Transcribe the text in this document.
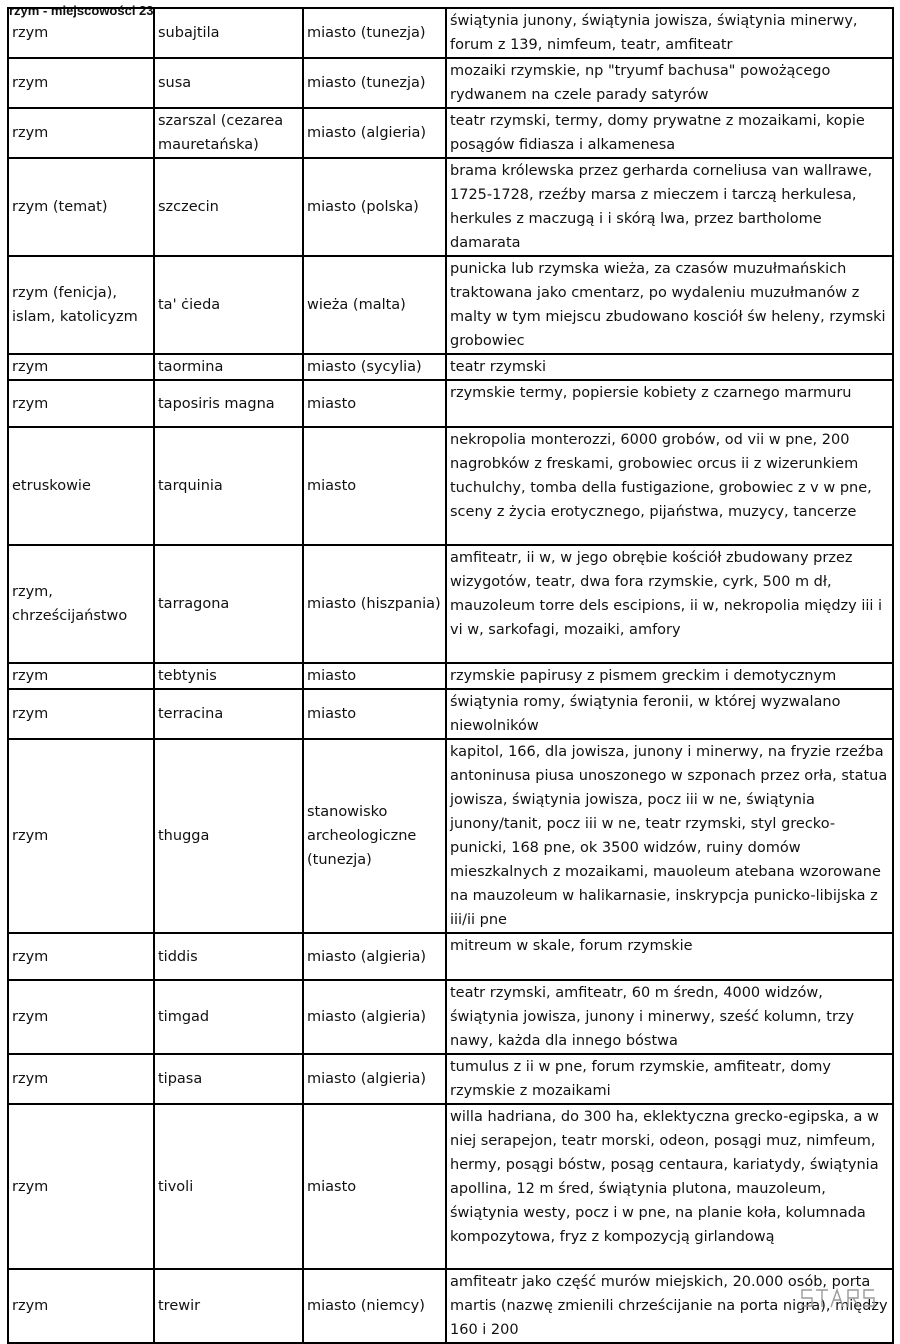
rzym - miejscowości 23
rzym	subajtila	miasto (tunezja)	świątynia junony, świątynia jowisza, świątynia minerwy, forum z 139, nimfeum, teatr, amfiteatr
rzym	susa	miasto (tunezja)	mozaiki rzymskie, np "tryumf bachusa" powożącego rydwanem na czele parady satyrów
rzym	szarszal (cezarea mauretańska)	miasto (algieria)	teatr rzymski, termy, domy prywatne z mozaikami, kopie posągów fidiasza i alkamenesa
rzym (temat)	szczecin	miasto (polska)	brama królewska przez gerharda corneliusa van wallrawe, 1725-1728, rzeźby marsa z mieczem i tarczą herkulesa, herkules z maczugą i i skórą lwa, przez bartholome damarata
rzym (fenicja), islam, katolicyzm	ta' ċieda	wieża (malta)	punicka lub rzymska wieża, za czasów muzułmańskich traktowana jako cmentarz, po wydaleniu muzułmanów z malty w tym miejscu zbudowano kosciół św heleny, rzymski grobowiec
rzym	taormina	miasto (sycylia)	teatr rzymski
rzym	taposiris magna	miasto	rzymskie termy, popiersie kobiety z czarnego marmuru
etruskowie	tarquinia	miasto	nekropolia monterozzi, 6000 grobów, od vii w pne, 200 nagrobków z freskami, grobowiec orcus ii z wizerunkiem tuchulchy, tomba della fustigazione, grobowiec z v w pne, sceny z życia erotycznego, pijaństwa, muzycy, tancerze
rzym, chrześcijaństwo	tarragona	miasto (hiszpania)	amfiteatr, ii w, w jego obrębie kościół zbudowany przez wizygotów, teatr, dwa fora rzymskie, cyrk, 500 m dł, mauzoleum torre dels escipions, ii w, nekropolia między iii i vi w, sarkofagi, mozaiki, amfory
rzym	tebtynis	miasto	rzymskie papirusy z pismem greckim i demotycznym
rzym	terracina	miasto	świątynia romy, świątynia feronii, w której wyzwalano niewolników
rzym	thugga	stanowisko archeologiczne (tunezja)	kapitol, 166, dla jowisza, junony i minerwy, na fryzie rzeźba antoninusa piusa unoszonego w szponach przez orła, statua jowisza, świątynia jowisza, pocz iii w ne, świątynia junony/tanit, pocz iii w ne, teatr rzymski, styl grecko-punicki, 168 pne, ok 3500 widzów, ruiny domów mieszkalnych z mozaikami, mauoleum atebana wzorowane na mauzoleum w halikarnasie, inskrypcja punicko-libijska z iii/ii pne
rzym	tiddis	miasto (algieria)	mitreum w skale, forum rzymskie
rzym	timgad	miasto (algieria)	teatr rzymski, amfiteatr, 60 m średn, 4000 widzów, świątynia jowisza, junony i minerwy, sześć kolumn, trzy nawy, każda dla innego bóstwa
rzym	tipasa	miasto (algieria)	tumulus z ii w pne, forum rzymskie, amfiteatr, domy rzymskie z mozaikami
rzym	tivoli	miasto	willa hadriana, do 300 ha, eklektyczna grecko-egipska, a w niej serapejon, teatr morski, odeon, posągi muz, nimfeum, hermy, posągi bóstw, posąg centaura, kariatydy, świątynia apollina, 12 m śred, świątynia plutona, mauzoleum, świątynia westy, pocz i w pne, na planie koła, kolumnada kompozytowa, fryz z kompozycją girlandową
rzym	trewir	miasto (niemcy)	amfiteatr jako część murów miejskich, 20.000 osób, porta martis (nazwę zmienili chrześcijanie na porta nigra), między 160 i 200
